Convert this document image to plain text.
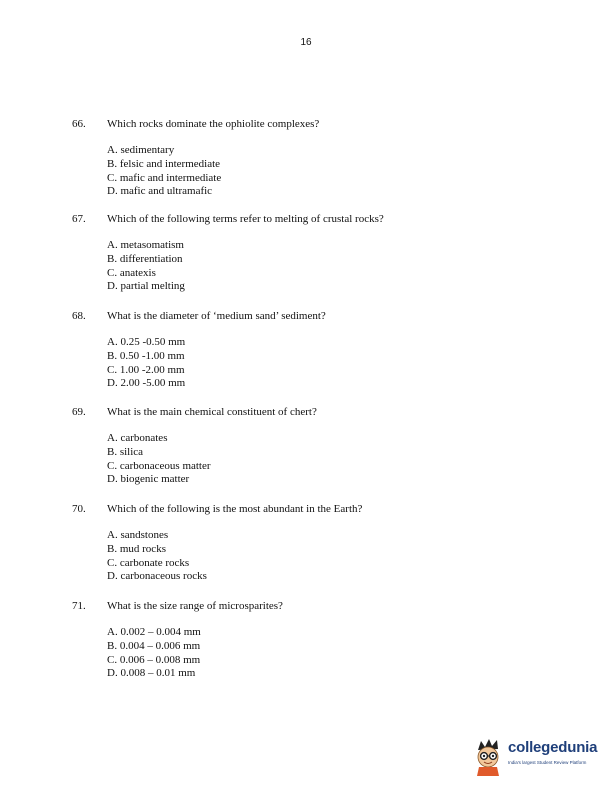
16
66. Which rocks dominate the ophiolite complexes?
A. sedimentary
B. felsic and intermediate
C. mafic and intermediate
D. mafic and ultramafic
67. Which of the following terms refer to melting of crustal rocks?
A. metasomatism
B. differentiation
C. anatexis
D. partial melting
68. What is the diameter of ‘medium sand’ sediment?
A. 0.25 -0.50 mm
B. 0.50 -1.00 mm
C. 1.00 -2.00 mm
D. 2.00 -5.00 mm
69. What is the main chemical constituent of chert?
A. carbonates
B. silica
C. carbonaceous matter
D. biogenic matter
70. Which of the following is the most abundant in the Earth?
A. sandstones
B. mud rocks
C. carbonate rocks
D. carbonaceous rocks
71. What is the size range of microsparites?
A. 0.002 – 0.004 mm
B. 0.004 – 0.006 mm
C. 0.006 – 0.008 mm
D. 0.008 – 0.01 mm
collegedunia
India's largest Student Review Platform
